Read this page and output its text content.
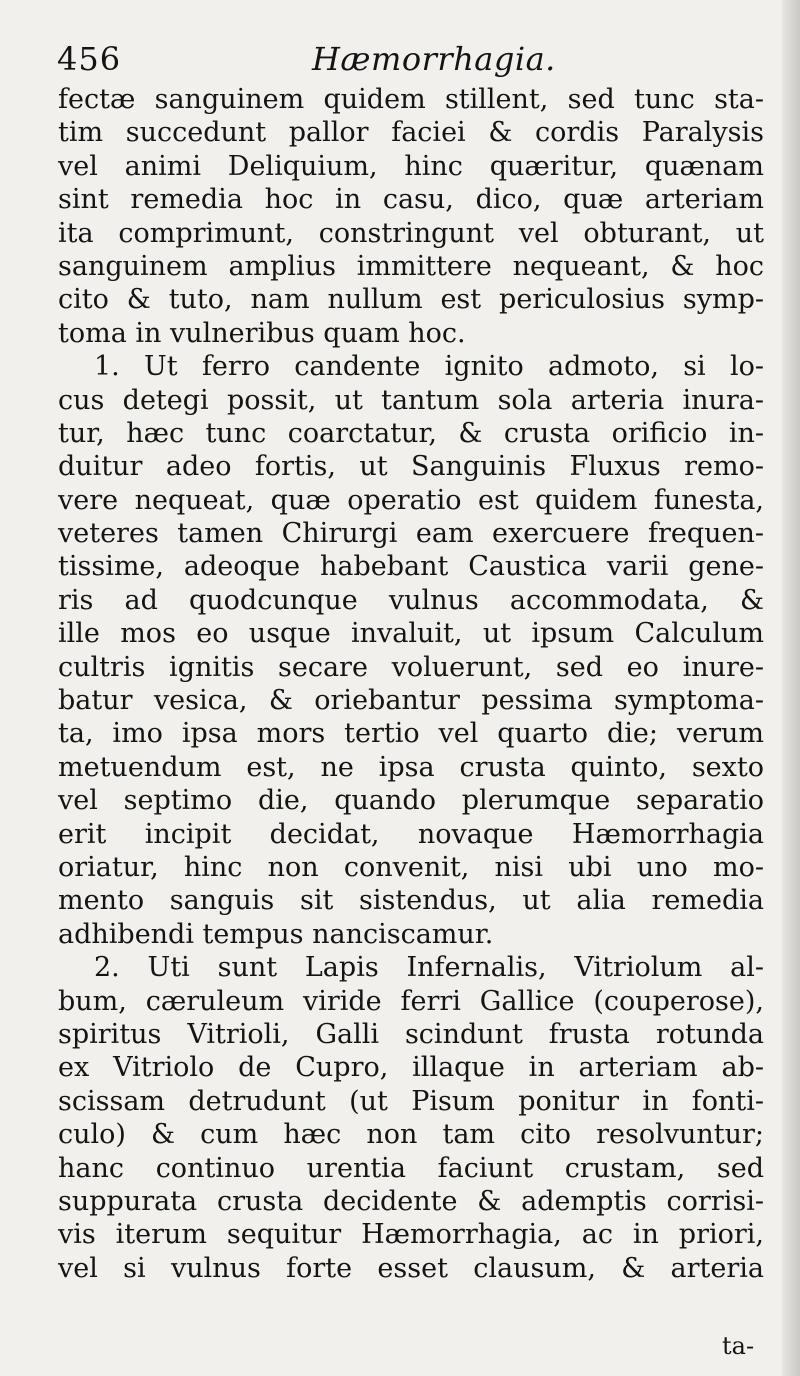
456	Hæmorrhagia.
fectæ sanguinem quidem stillent, sed tunc sta-
tim succedunt pallor faciei & cordis Paralysis
vel animi Deliquium, hinc quæritur, quænam
sint remedia hoc in casu, dico, quæ arteriam
ita comprimunt, constringunt vel obturant, ut
sanguinem amplius immittere nequeant, & hoc
cito & tuto, nam nullum est periculosius symp-
toma in vulneribus quam hoc.
1. Ut ferro candente ignito admoto, si lo-
cus detegi possit, ut tantum sola arteria inura-
tur, hæc tunc coarctatur, & crusta orificio in-
duitur adeo fortis, ut Sanguinis Fluxus remo-
vere nequeat, quæ operatio est quidem funesta,
veteres tamen Chirurgi eam exercuere frequen-
tissime, adeoque habebant Caustica varii gene-
ris ad quodcunque vulnus accommodata, &
ille mos eo usque invaluit, ut ipsum Calculum
cultris ignitis secare voluerunt, sed eo inure-
batur vesica, & oriebantur pessima symptoma-
ta, imo ipsa mors tertio vel quarto die; verum
metuendum est, ne ipsa crusta quinto, sexto
vel septimo die, quando plerumque separatio
erit incipit decidat, novaque Hæmorrhagia
oriatur, hinc non convenit, nisi ubi uno mo-
mento sanguis sit sistendus, ut alia remedia
adhibendi tempus nanciscamur.
2. Uti sunt Lapis Infernalis, Vitriolum al-
bum, cæruleum viride ferri Gallice (couperose),
spiritus Vitrioli, Galli scindunt frusta rotunda
ex Vitriolo de Cupro, illaque in arteriam ab-
scissam detrudunt (ut Pisum ponitur in fonti-
culo) & cum hæc non tam cito resolvuntur;
hanc continuo urentia faciunt crustam, sed
suppurata crusta decidente & ademptis corrisi-
vis iterum sequitur Hæmorrhagia, ac in priori,
vel si vulnus forte esset clausum, & arteria
ta-
